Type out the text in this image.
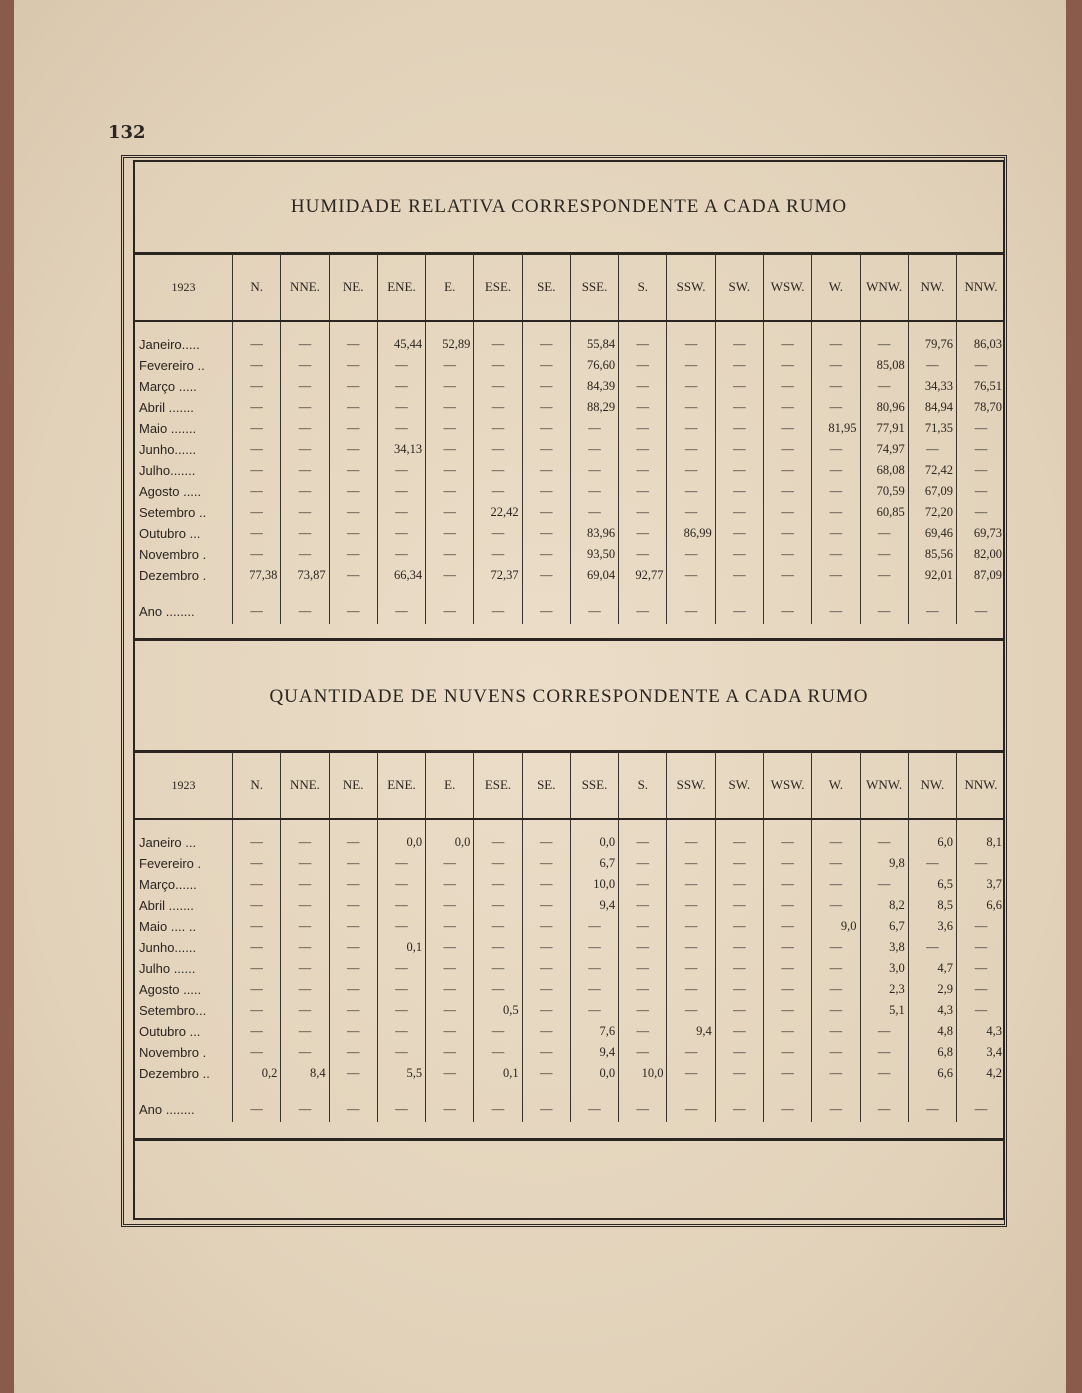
132
HUMIDADE RELATIVA CORRESPONDENTE A CADA RUMO
1923	N.	NNE.	NE.	ENE.	E.	ESE.	SE.	SSE.	S.	SSW.	SW.	WSW.	W.	WNW.	NW.	NNW.

Janeiro.....	—	—	—	45,44	52,89	—	—	55,84	—	—	—	—	—	—	79,76	86,03
Fevereiro ..	—	—	—	—	—	—	—	76,60	—	—	—	—	—	85,08	—	—
Março .....	—	—	—	—	—	—	—	84,39	—	—	—	—	—	—	34,33	76,51
Abril .......	—	—	—	—	—	—	—	88,29	—	—	—	—	—	80,96	84,94	78,70
Maio .......	—	—	—	—	—	—	—	—	—	—	—	—	81,95	77,91	71,35	—
Junho......	—	—	—	34,13	—	—	—	—	—	—	—	—	—	74,97	—	—
Julho.......	—	—	—	—	—	—	—	—	—	—	—	—	—	68,08	72,42	—
Agosto .....	—	—	—	—	—	—	—	—	—	—	—	—	—	70,59	67,09	—
Setembro ..	—	—	—	—	—	22,42	—	—	—	—	—	—	—	60,85	72,20	—
Outubro ...	—	—	—	—	—	—	—	83,96	—	86,99	—	—	—	—	69,46	69,73
Novembro .	—	—	—	—	—	—	—	93,50	—	—	—	—	—	—	85,56	82,00
Dezembro .	77,38	73,87	—	66,34	—	72,37	—	69,04	92,77	—	—	—	—	—	92,01	87,09

Ano ........	—	—	—	—	—	—	—	—	—	—	—	—	—	—	—	—
QUANTIDADE DE NUVENS CORRESPONDENTE A CADA RUMO
1923	N.	NNE.	NE.	ENE.	E.	ESE.	SE.	SSE.	S.	SSW.	SW.	WSW.	W.	WNW.	NW.	NNW.

Janeiro ...	—	—	—	0,0	0,0	—	—	0,0	—	—	—	—	—	—	6,0	8,1
Fevereiro .	—	—	—	—	—	—	—	6,7	—	—	—	—	—	9,8	—	—
Março......	—	—	—	—	—	—	—	10,0	—	—	—	—	—	—	6,5	3,7
Abril .......	—	—	—	—	—	—	—	9,4	—	—	—	—	—	8,2	8,5	6,6
Maio .... ..	—	—	—	—	—	—	—	—	—	—	—	—	9,0	6,7	3,6	—
Junho......	—	—	—	0,1	—	—	—	—	—	—	—	—	—	3,8	—	—
Julho ......	—	—	—	—	—	—	—	—	—	—	—	—	—	3,0	4,7	—
Agosto .....	—	—	—	—	—	—	—	—	—	—	—	—	—	2,3	2,9	—
Setembro...	—	—	—	—	—	0,5	—	—	—	—	—	—	—	5,1	4,3	—
Outubro ...	—	—	—	—	—	—	—	7,6	—	9,4	—	—	—	—	4,8	4,3
Novembro .	—	—	—	—	—	—	—	9,4	—	—	—	—	—	—	6,8	3,4
Dezembro ..	0,2	8,4	—	5,5	—	0,1	—	0,0	10,0	—	—	—	—	—	6,6	4,2

Ano ........	—	—	—	—	—	—	—	—	—	—	—	—	—	—	—	—
